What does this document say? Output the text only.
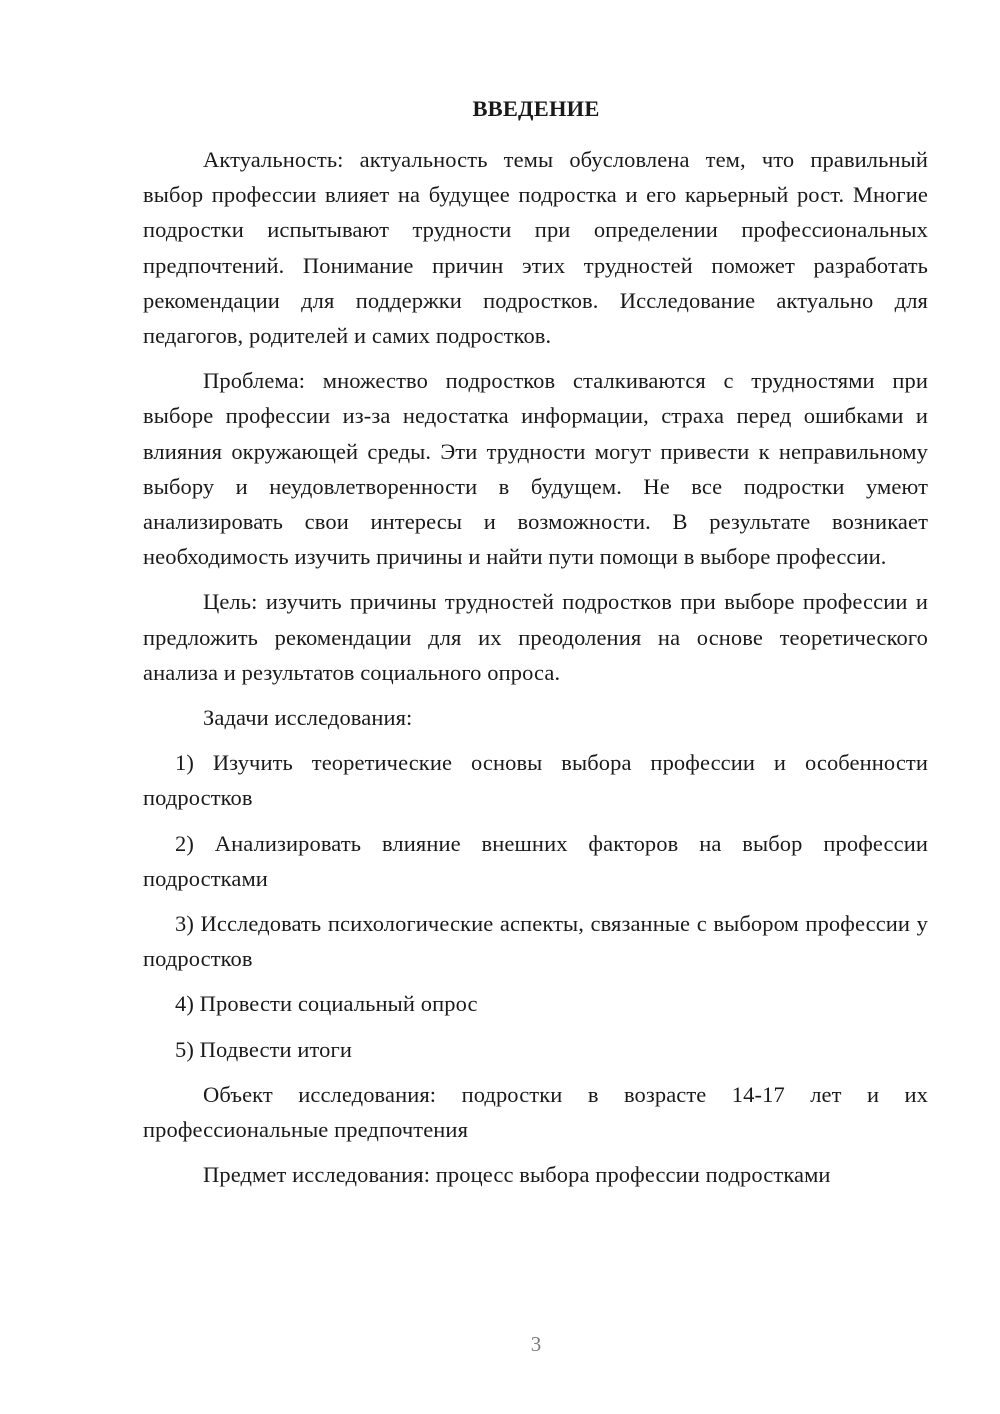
ВВЕДЕНИЕ

Актуальность: актуальность темы обусловлена тем, что правильный выбор профессии влияет на будущее подростка и его карьерный рост. Многие подростки испытывают трудности при определении профессиональных предпочтений. Понимание причин этих трудностей поможет разработать рекомендации для поддержки подростков. Исследование актуально для педагогов, родителей и самих подростков.

Проблема: множество подростков сталкиваются с трудностями при выборе профессии из-за недостатка информации, страха перед ошибками и влияния окружающей среды. Эти трудности могут привести к неправильному выбору и неудовлетворенности в будущем. Не все подростки умеют анализировать свои интересы и возможности. В результате возникает необходимость изучить причины и найти пути помощи в выборе профессии.

Цель: изучить причины трудностей подростков при выборе профессии и предложить рекомендации для их преодоления на основе теоретического анализа и результатов социального опроса.

Задачи исследования:

1) Изучить теоретические основы выбора профессии и особенности подростков

2) Анализировать влияние внешних факторов на выбор профессии подростками

3) Исследовать психологические аспекты, связанные с выбором профессии у подростков

4) Провести социальный опрос

5) Подвести итоги

Объект исследования: подростки в возрасте 14-17 лет и их профессиональные предпочтения

Предмет исследования: процесс выбора профессии подростками

3
